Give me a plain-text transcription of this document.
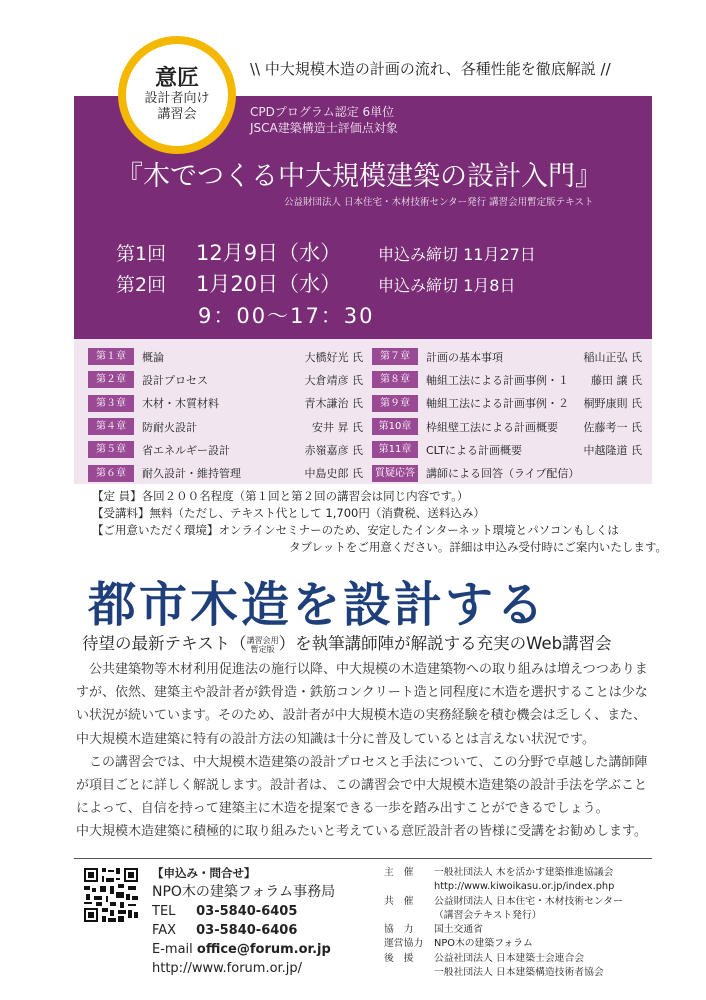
意匠
設計者向け
講習会
\\ 中大規模木造の計画の流れ、各種性能を徹底解説 //
CPDプログラム認定 6単位
JSCA建築構造士評価点対象
『木でつくる中大規模建築の設計入門』
公益財団法人 日本住宅・木材技術センター発行 講習会用暫定版テキスト
第1回 12月9日（水） 申込み締切 11月27日
第2回 1月20日（水） 申込み締切 1月8日
9：00～17：30
第１章	概論	大橋好光 氏
第２章	設計プロセス	大倉靖彦 氏
第３章	木材・木質材料	青木謙治 氏
第４章	防耐火設計	安井 昇 氏
第５章	省エネルギー設計	赤嶺嘉彦 氏
第６章	耐久設計・維持管理	中島史郎 氏
第７章	計画の基本事項	稲山正弘 氏
第８章	軸組工法による計画事例・１	藤田 譲 氏
第９章	軸組工法による計画事例・２	桐野康則 氏
第10章	枠組壁工法による計画概要	佐藤考一 氏
第11章	CLTによる計画概要	中越隆道 氏
質疑応答 講師による回答（ライブ配信）
【定 員】各回２００名程度（第１回と第２回の講習会は同じ内容です。）
【受講料】無料（ただし、テキスト代として 1,700円（消費税、送料込み）
【ご用意いただく環境】オンラインセミナーのため、安定したインターネット環境とパソコンもしくは
タブレットをご用意ください。詳細は申込み受付時にご案内いたします。
都市木造を設計する
待望の最新テキスト（講習会用
暫定版 ）を執筆講師陣が解説する充実のWeb講習会

公共建築物等木材利用促進法の施行以降、中大規模の木造建築物への取り組みは増えつつありますが、依然、建築主や設計者が鉄骨造・鉄筋コンクリート造と同程度に木造を選択することは少ない状況が続いています。そのため、設計者が中大規模木造の実務経験を積む機会は乏しく、また、中大規模木造建築に特有の設計方法の知識は十分に普及しているとは言えない状況です。

この講習会では、中大規模木造建築の設計プロセスと手法について、この分野で卓越した講師陣が項目ごとに詳しく解説します。設計者は、この講習会で中大規模木造建築の設計手法を学ぶことによって、自信を持って建築主に木造を提案できる一歩を踏み出すことができるでしょう。

中大規模木造建築に積極的に取り組みたいと考えている意匠設計者の皆様に受講をお勧めします。

【申込み・問合せ】
NPO木の建築フォラム事務局
TEL 03-5840-6405
FAX 03-5840-6406
E-mail office@forum.or.jp
http://www.forum.or.jp/
主　催	一般社団法人 木を活かす建築推進協議会
http://www.kiwoikasu.or.jp/index.php
共　催	公益財団法人 日本住宅・木材技術センター
（講習会テキスト発行）
協　力	国土交通省
運営協力	NPO木の建築フォラム
後　援	公益社団法人 日本建築士会連合会
一般社団法人 日本建築構造技術者協会
